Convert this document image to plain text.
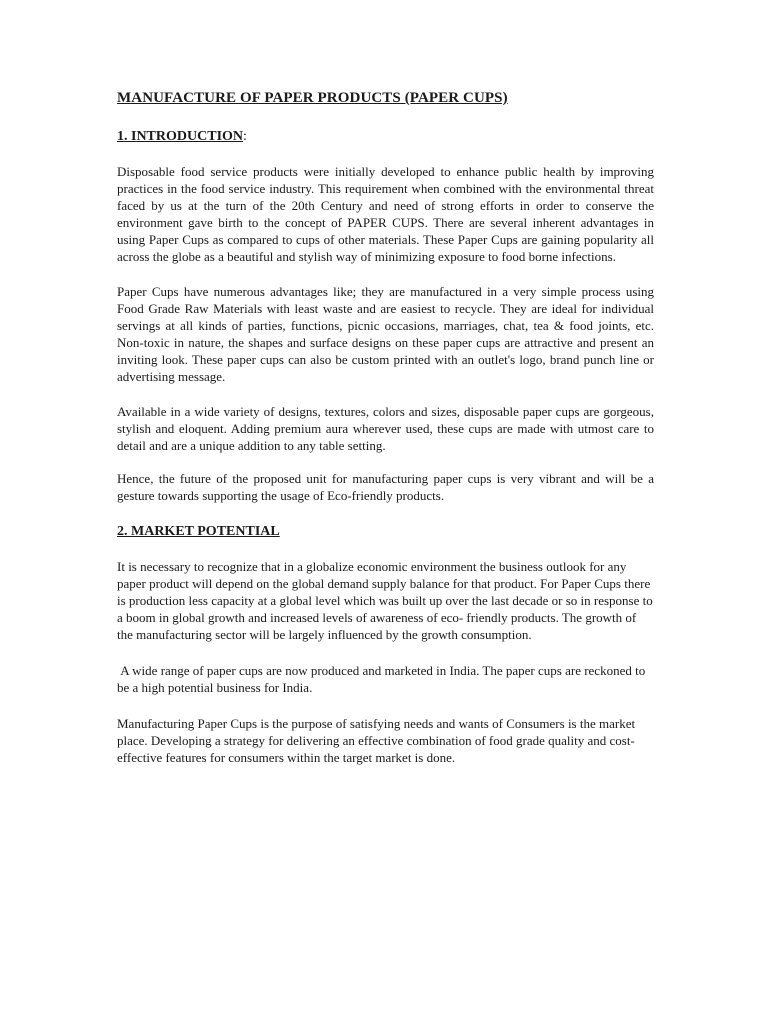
MANUFACTURE OF PAPER PRODUCTS (PAPER CUPS)
1. INTRODUCTION:

Disposable food service products were initially developed to enhance public health by improving practices in the food service industry. This requirement when combined with the environmental threat faced by us at the turn of the 20th Century and need of strong efforts in order to conserve the environment gave birth to the concept of PAPER CUPS. There are several inherent advantages in using Paper Cups as compared to cups of other materials. These Paper Cups are gaining popularity all across the globe as a beautiful and stylish way of minimizing exposure to food borne infections.

Paper Cups have numerous advantages like; they are manufactured in a very simple process using Food Grade Raw Materials with least waste and are easiest to recycle. They are ideal for individual servings at all kinds of parties, functions, picnic occasions, marriages, chat, tea & food joints, etc. Non-toxic in nature, the shapes and surface designs on these paper cups are attractive and present an inviting look. These paper cups can also be custom printed with an outlet's logo, brand punch line or advertising message.

Available in a wide variety of designs, textures, colors and sizes, disposable paper cups are gorgeous, stylish and eloquent. Adding premium aura wherever used, these cups are made with utmost care to detail and are a unique addition to any table setting.

Hence, the future of the proposed unit for manufacturing paper cups is very vibrant and will be a gesture towards supporting the usage of Eco-friendly products.

2. MARKET POTENTIAL

It is necessary to recognize that in a globalize economic environment the business outlook for any paper product will depend on the global demand supply balance for that product. For Paper Cups there is production less capacity at a global level which was built up over the last decade or so in response to a boom in global growth and increased levels of awareness of eco- friendly products. The growth of the manufacturing sector will be largely influenced by the growth consumption.

A wide range of paper cups are now produced and marketed in India. The paper cups are reckoned to be a high potential business for India.

Manufacturing Paper Cups is the purpose of satisfying needs and wants of Consumers is the market place. Developing a strategy for delivering an effective combination of food grade quality and cost-effective features for consumers within the target market is done.
